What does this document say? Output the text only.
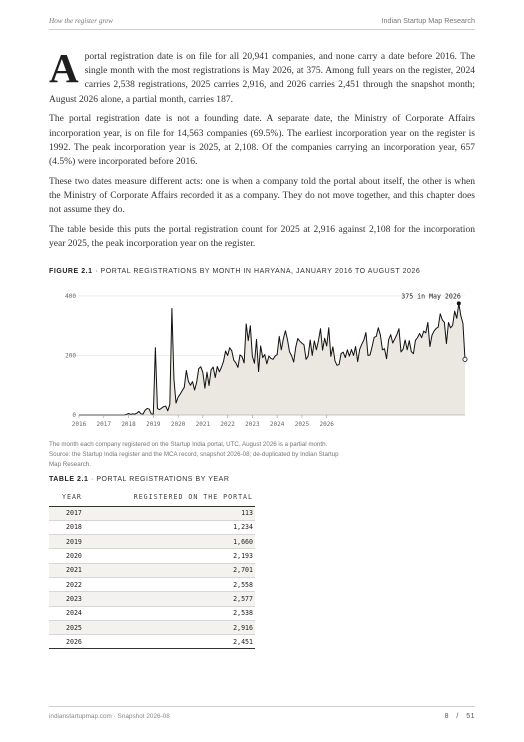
How the register grew	Indian Startup Map Research

A portal registration date is on file for all 20,941 companies, and none carry a date before 2016. The single month with the most registrations is May 2026, at 375. Among full years on the register, 2024 carries 2,538 registrations, 2025 carries 2,916, and 2026 carries 2,451 through the snapshot month; August 2026 alone, a partial month, carries 187.

The portal registration date is not a founding date. A separate date, the Ministry of Corporate Affairs incorporation year, is on file for 14,563 companies (69.5%). The earliest incorporation year on the register is 1992. The peak incorporation year is 2025, at 2,108. Of the companies carrying an incorporation year, 657 (4.5%) were incorporated before 2016.

These two dates measure different acts: one is when a company told the portal about itself, the other is when the Ministry of Corporate Affairs recorded it as a company. They do not move together, and this chapter does not assume they do.

The table beside this puts the portal registration count for 2025 at 2,916 against 2,108 for the incorporation year 2025, the peak incorporation year on the register.

FIGURE 2.1 · PORTAL REGISTRATIONS BY MONTH IN HARYANA, JANUARY 2016 TO AUGUST 2026
0
200
400
2016 2017 2018 2019 2020 2021 2022 2023 2024 2025 2026
375 in May 2026
The month each company registered on the Startup India portal, UTC. August 2026 is a partial month. Source: the Startup India register and the MCA record, snapshot 2026-08; de-duplicated by Indian Startup Map Research.
TABLE 2.1 · PORTAL REGISTRATIONS BY YEAR
YEAR	REGISTERED ON THE PORTAL
2017	113
2018	1,234
2019	1,660
2020	2,193
2021	2,701
2022	2,558
2023	2,577
2024	2,538
2025	2,916
2026	2,451
indianstartupmap.com · Snapshot 2026-08	8   /   51
